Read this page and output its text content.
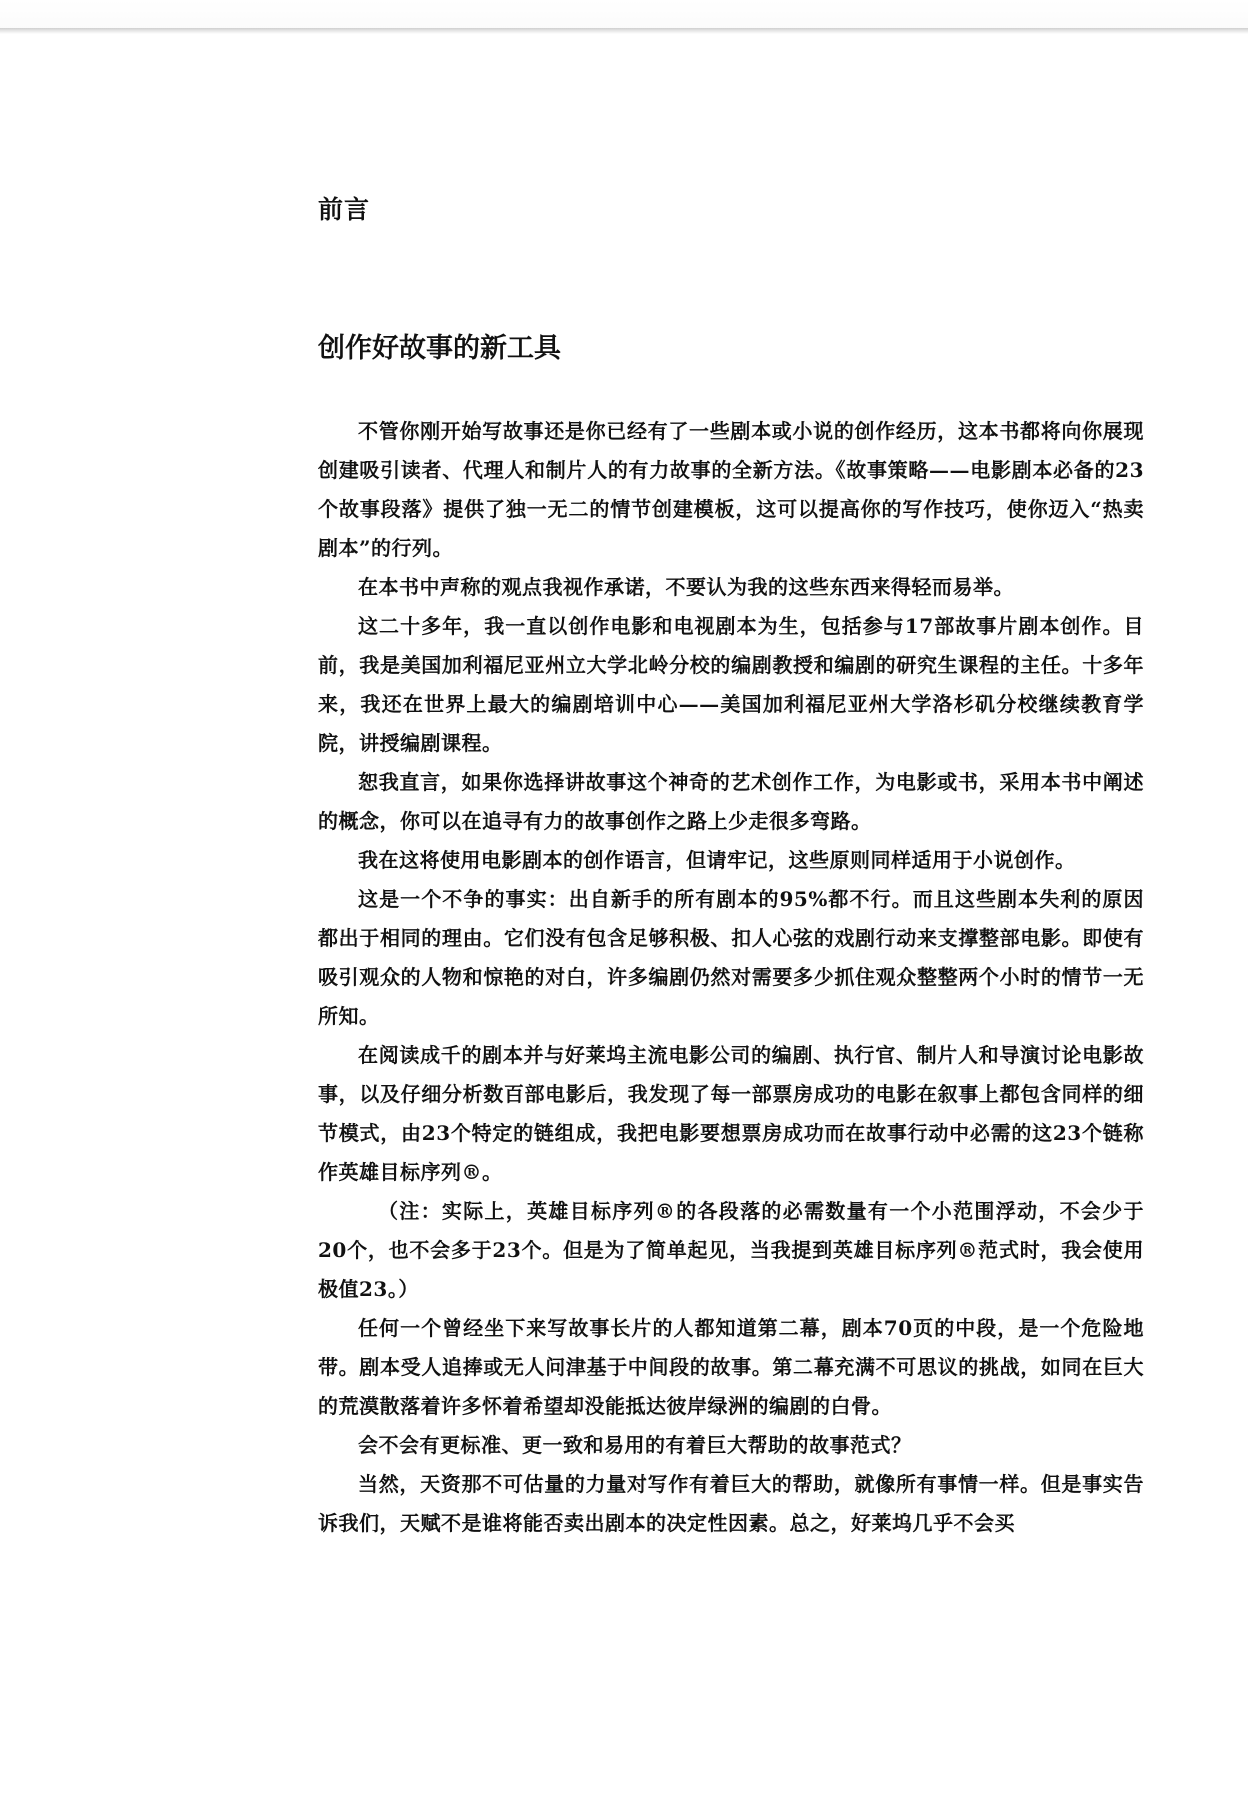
前言
创作好故事的新工具

不管你刚开始写故事还是你已经有了一些剧本或小说的创作经历，这本书都将向你展现创建吸引读者、代理人和制片人的有力故事的全新方法。《故事策略——电影剧本必备的23个故事段落》提供了独一无二的情节创建模板，这可以提高你的写作技巧，使你迈入“热卖剧本”的行列。

在本书中声称的观点我视作承诺，不要认为我的这些东西来得轻而易举。

这二十多年，我一直以创作电影和电视剧本为生，包括参与17部故事片剧本创作。目前，我是美国加利福尼亚州立大学北岭分校的编剧教授和编剧的研究生课程的主任。十多年来，我还在世界上最大的编剧培训中心——美国加利福尼亚州大学洛杉矶分校继续教育学院，讲授编剧课程。

恕我直言，如果你选择讲故事这个神奇的艺术创作工作，为电影或书，采用本书中阐述的概念，你可以在追寻有力的故事创作之路上少走很多弯路。

我在这将使用电影剧本的创作语言，但请牢记，这些原则同样适用于小说创作。

这是一个不争的事实：出自新手的所有剧本的95%都不行。而且这些剧本失利的原因都出于相同的理由。它们没有包含足够积极、扣人心弦的戏剧行动来支撑整部电影。即使有吸引观众的人物和惊艳的对白，许多编剧仍然对需要多少抓住观众整整两个小时的情节一无所知。

在阅读成千的剧本并与好莱坞主流电影公司的编剧、执行官、制片人和导演讨论电影故事，以及仔细分析数百部电影后，我发现了每一部票房成功的电影在叙事上都包含同样的细节模式，由23个特定的链组成，我把电影要想票房成功而在故事行动中必需的这23个链称作英雄目标序列®。

（注：实际上，英雄目标序列®的各段落的必需数量有一个小范围浮动，不会少于20个，也不会多于23个。但是为了简单起见，当我提到英雄目标序列®范式时，我会使用极值23。）

任何一个曾经坐下来写故事长片的人都知道第二幕，剧本70页的中段，是一个危险地带。剧本受人追捧或无人问津基于中间段的故事。第二幕充满不可思议的挑战，如同在巨大的荒漠散落着许多怀着希望却没能抵达彼岸绿洲的编剧的白骨。

会不会有更标准、更一致和易用的有着巨大帮助的故事范式？

当然，天资那不可估量的力量对写作有着巨大的帮助，就像所有事情一样。但是事实告诉我们，天赋不是谁将能否卖出剧本的决定性因素。总之，好莱坞几乎不会买
